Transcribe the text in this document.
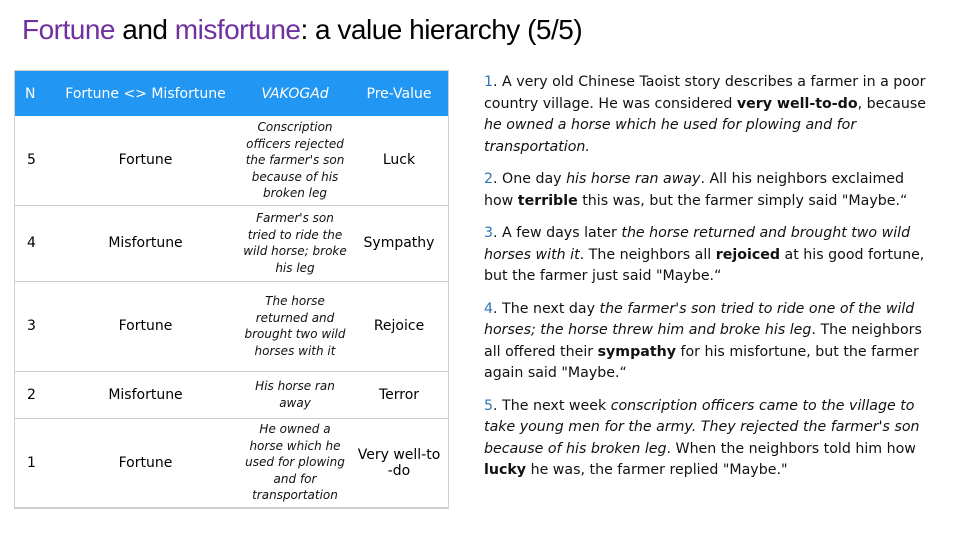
Fortune and misfortune: a value hierarchy (5/5)
N	Fortune <> Misfortune	VAKOGAd	Pre-Value
5	Fortune	Conscription officers rejected the farmer's son because of his broken leg	Luck
4	Misfortune	Farmer's son tried to ride the wild horse; broke his leg	Sympathy
3	Fortune	The horse returned and brought two wild horses with it	Rejoice
2	Misfortune	His horse ran away	Terror
1	Fortune	He owned a horse which he used for plowing and for transportation	Very well-to -do

1. A very old Chinese Taoist story describes a farmer in a poor country village. He was considered very well-to-do, because he owned a horse which he used for plowing and for transportation.

2. One day his horse ran away. All his neighbors exclaimed how terrible this was, but the farmer simply said "Maybe.“

3. A few days later the horse returned and brought two wild horses with it. The neighbors all rejoiced at his good fortune, but the farmer just said "Maybe.“

4. The next day the farmer's son tried to ride one of the wild horses; the horse threw him and broke his leg. The neighbors all offered their sympathy for his misfortune, but the farmer again said "Maybe.“

5. The next week conscription officers came to the village to take young men for the army. They rejected the farmer's son because of his broken leg. When the neighbors told him how lucky he was, the farmer replied "Maybe."
